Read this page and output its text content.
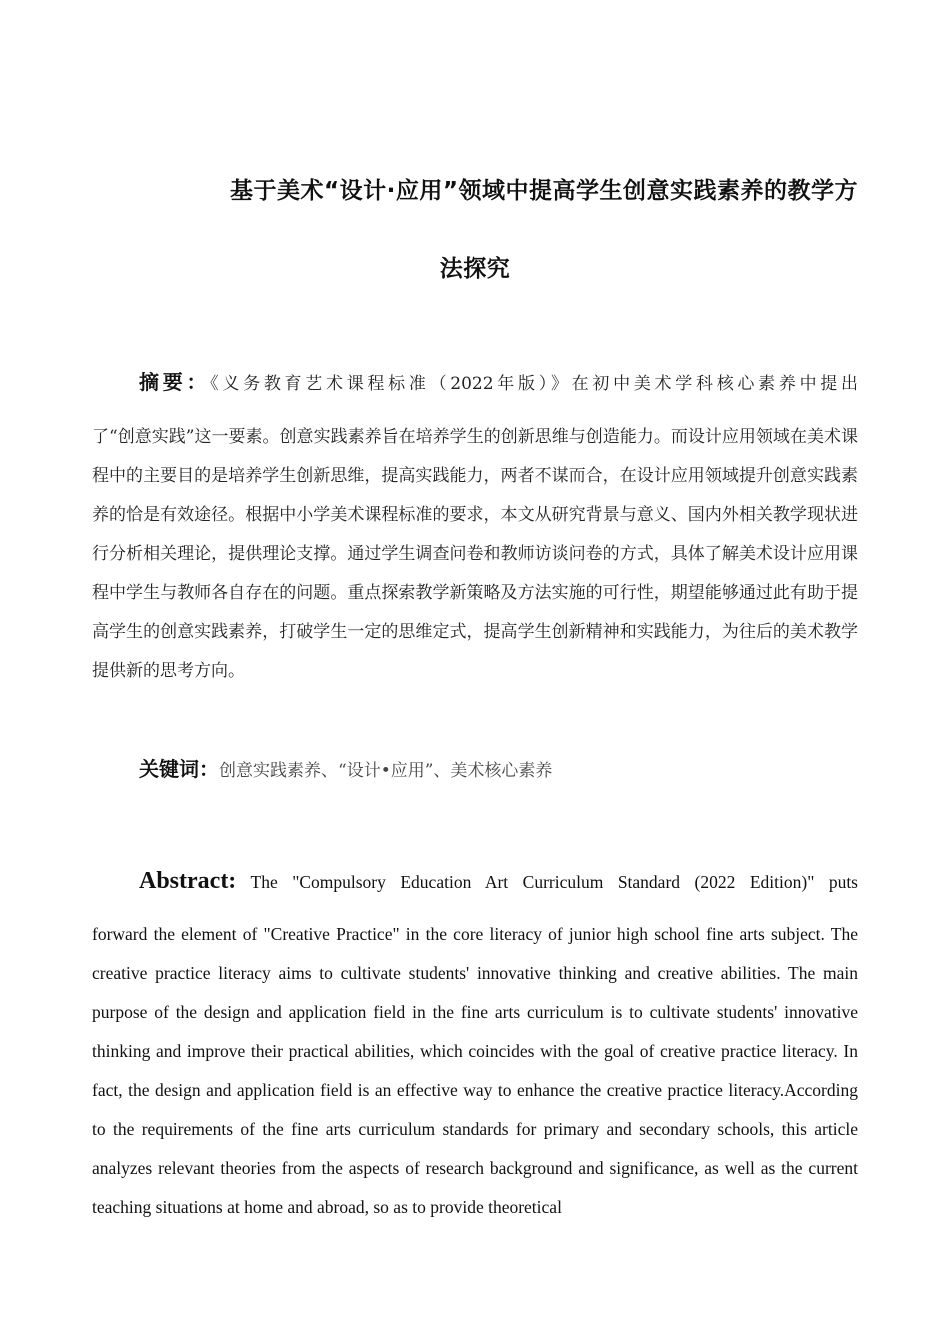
基于美术“设计·应用”领域中提高学生创意实践素养的教学方
法探究
摘要：《义务教育艺术课程标准（2022年版）》在初中美术学科核心素养中提出
了“创意实践”这一要素。创意实践素养旨在培养学生的创新思维与创造能力。而设计应用领域在美术课程中的主要目的是培养学生创新思维，提高实践能力，两者不谋而合，在设计应用领域提升创意实践素养的恰是有效途径。根据中小学美术课程标准的要求，本文从研究背景与意义、国内外相关教学现状进行分析相关理论，提供理论支撑。通过学生调查问卷和教师访谈问卷的方式，具体了解美术设计应用课程中学生与教师各自存在的问题。重点探索教学新策略及方法实施的可行性，期望能够通过此有助于提高学生的创意实践素养，打破学生一定的思维定式，提高学生创新精神和实践能力，为往后的美术教学提供新的思考方向。
关键词：创意实践素养、“设计•应用”、美术核心素养
Abstract: The "Compulsory Education Art Curriculum Standard (2022 Edition)" puts
forward the element of "Creative Practice" in the core literacy of junior high school fine arts subject. The creative practice literacy aims to cultivate students' innovative thinking and creative abilities. The main purpose of the design and application field in the fine arts curriculum is to cultivate students' innovative thinking and improve their practical abilities, which coincides with the goal of creative practice literacy. In fact, the design and application field is an effective way to enhance the creative practice literacy.According to the requirements of the fine arts curriculum standards for primary and secondary schools, this article analyzes relevant theories from the aspects of research background and significance, as well as the current teaching situations at home and abroad, so as to provide theoretical
